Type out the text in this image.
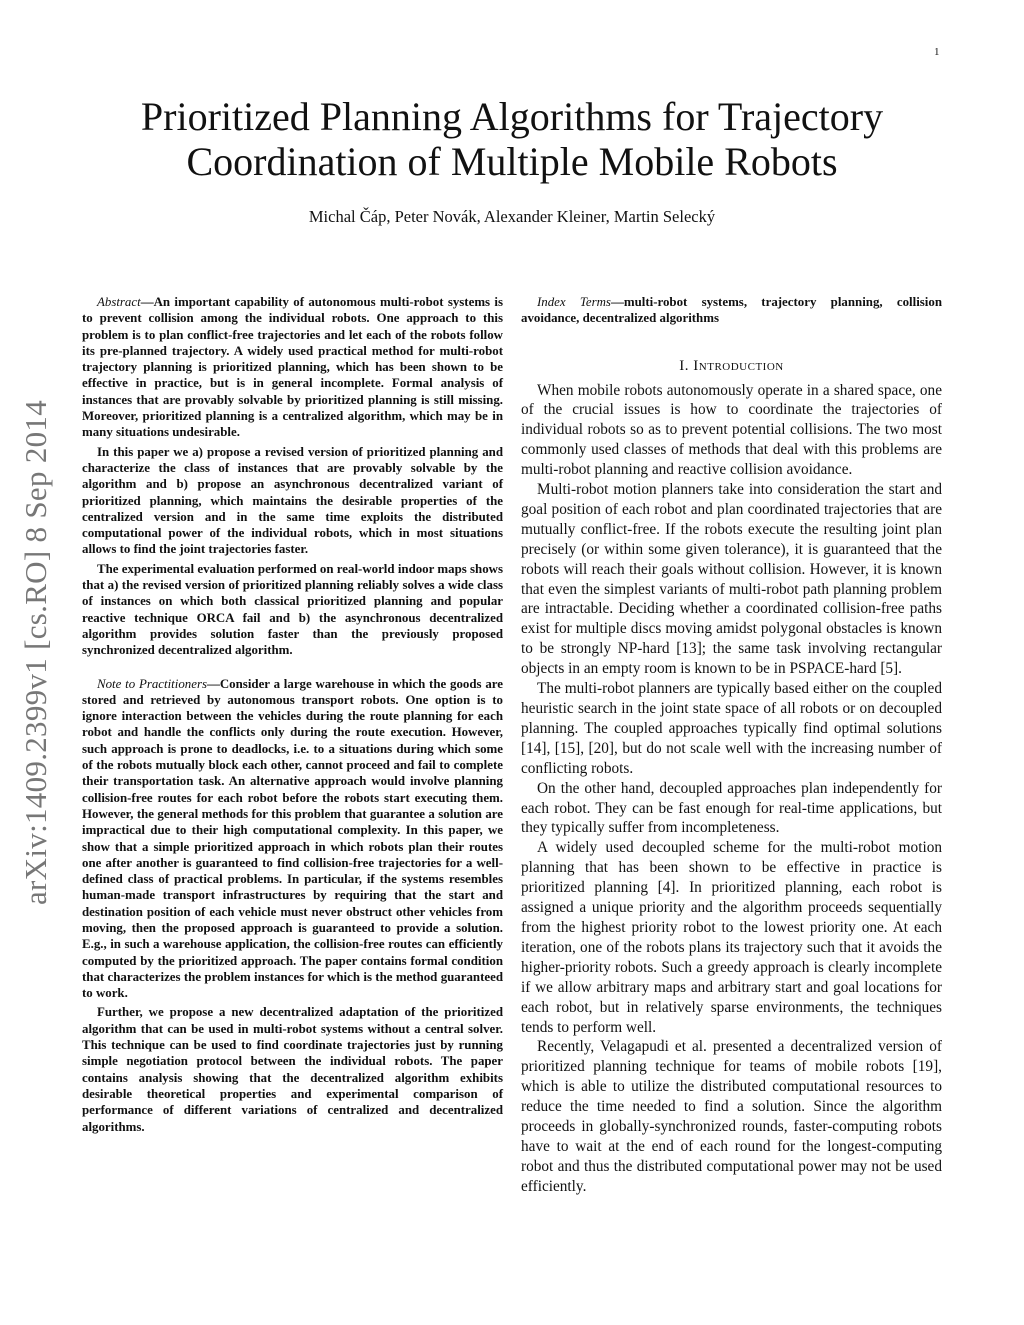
1
Prioritized Planning Algorithms for Trajectory
Coordination of Multiple Mobile Robots
Michal Čáp, Peter Novák, Alexander Kleiner, Martin Selecký
arXiv:1409.2399v1 [cs.RO] 8 Sep 2014

Abstract—An important capability of autonomous multi-robot systems is to prevent collision among the individual robots. One approach to this problem is to plan conflict-free trajectories and let each of the robots follow its pre-planned trajectory. A widely used practical method for multi-robot trajectory planning is prioritized planning, which has been shown to be effective in practice, but is in general incomplete. Formal analysis of instances that are provably solvable by prioritized planning is still missing. Moreover, prioritized planning is a centralized algorithm, which may be in many situations undesirable.

In this paper we a) propose a revised version of prioritized planning and characterize the class of instances that are provably solvable by the algorithm and b) propose an asynchronous decentralized variant of prioritized planning, which maintains the desirable properties of the centralized version and in the same time exploits the distributed computational power of the individual robots, which in most situations allows to find the joint trajectories faster.

The experimental evaluation performed on real-world indoor maps shows that a) the revised version of prioritized planning reliably solves a wide class of instances on which both classical prioritized planning and popular reactive technique ORCA fail and b) the asynchronous decentralized algorithm provides solution faster than the previously proposed synchronized decentralized algorithm.

Note to Practitioners—Consider a large warehouse in which the goods are stored and retrieved by autonomous transport robots. One option is to ignore interaction between the vehicles during the route planning for each robot and handle the conflicts only during the route execution. However, such approach is prone to deadlocks, i.e. to a situations during which some of the robots mutually block each other, cannot proceed and fail to complete their transportation task. An alternative approach would involve planning collision-free routes for each robot before the robots start executing them. However, the general methods for this problem that guarantee a solution are impractical due to their high computational complexity. In this paper, we show that a simple prioritized approach in which robots plan their routes one after another is guaranteed to find collision-free trajectories for a well-defined class of practical problems. In particular, if the systems resembles human-made transport infrastructures by requiring that the start and destination position of each vehicle must never obstruct other vehicles from moving, then the proposed approach is guaranteed to provide a solution. E.g., in such a warehouse application, the collision-free routes can efficiently computed by the prioritized approach. The paper contains formal condition that characterizes the problem instances for which is the method guaranteed to work.

Further, we propose a new decentralized adaptation of the prioritized algorithm that can be used in multi-robot systems without a central solver. This technique can be used to find coordinate trajectories just by running simple negotiation protocol between the individual robots. The paper contains analysis showing that the decentralized algorithm exhibits desirable theoretical properties and experimental comparison of performance of different variations of centralized and decentralized algorithms.

Index Terms—multi-robot systems, trajectory planning, collision avoidance, decentralized algorithms

I. Introduction

When mobile robots autonomously operate in a shared space, one of the crucial issues is how to coordinate the trajectories of individual robots so as to prevent potential collisions. The two most commonly used classes of methods that deal with this problems are multi-robot planning and reactive collision avoidance.

Multi-robot motion planners take into consideration the start and goal position of each robot and plan coordinated trajectories that are mutually conflict-free. If the robots execute the resulting joint plan precisely (or within some given tolerance), it is guaranteed that the robots will reach their goals without collision. However, it is known that even the simplest variants of multi-robot path planning problem are intractable. Deciding whether a coordinated collision-free paths exist for multiple discs moving amidst polygonal obstacles is known to be strongly NP-hard [13]; the same task involving rectangular objects in an empty room is known to be in PSPACE-hard [5].

The multi-robot planners are typically based either on the coupled heuristic search in the joint state space of all robots or on decoupled planning. The coupled approaches typically find optimal solutions [14], [15], [20], but do not scale well with the increasing number of conflicting robots.

On the other hand, decoupled approaches plan independently for each robot. They can be fast enough for real-time applications, but they typically suffer from incompleteness.

A widely used decoupled scheme for the multi-robot motion planning that has been shown to be effective in practice is prioritized planning [4]. In prioritized planning, each robot is assigned a unique priority and the algorithm proceeds sequentially from the highest priority robot to the lowest priority one. At each iteration, one of the robots plans its trajectory such that it avoids the higher-priority robots. Such a greedy approach is clearly incomplete if we allow arbitrary maps and arbitrary start and goal locations for each robot, but in relatively sparse environments, the techniques tends to perform well.

Recently, Velagapudi et al. presented a decentralized version of prioritized planning technique for teams of mobile robots [19], which is able to utilize the distributed computational resources to reduce the time needed to find a solution. Since the algorithm proceeds in globally-synchronized rounds, faster-computing robots have to wait at the end of each round for the longest-computing robot and thus the distributed computational power may not be used efficiently.
